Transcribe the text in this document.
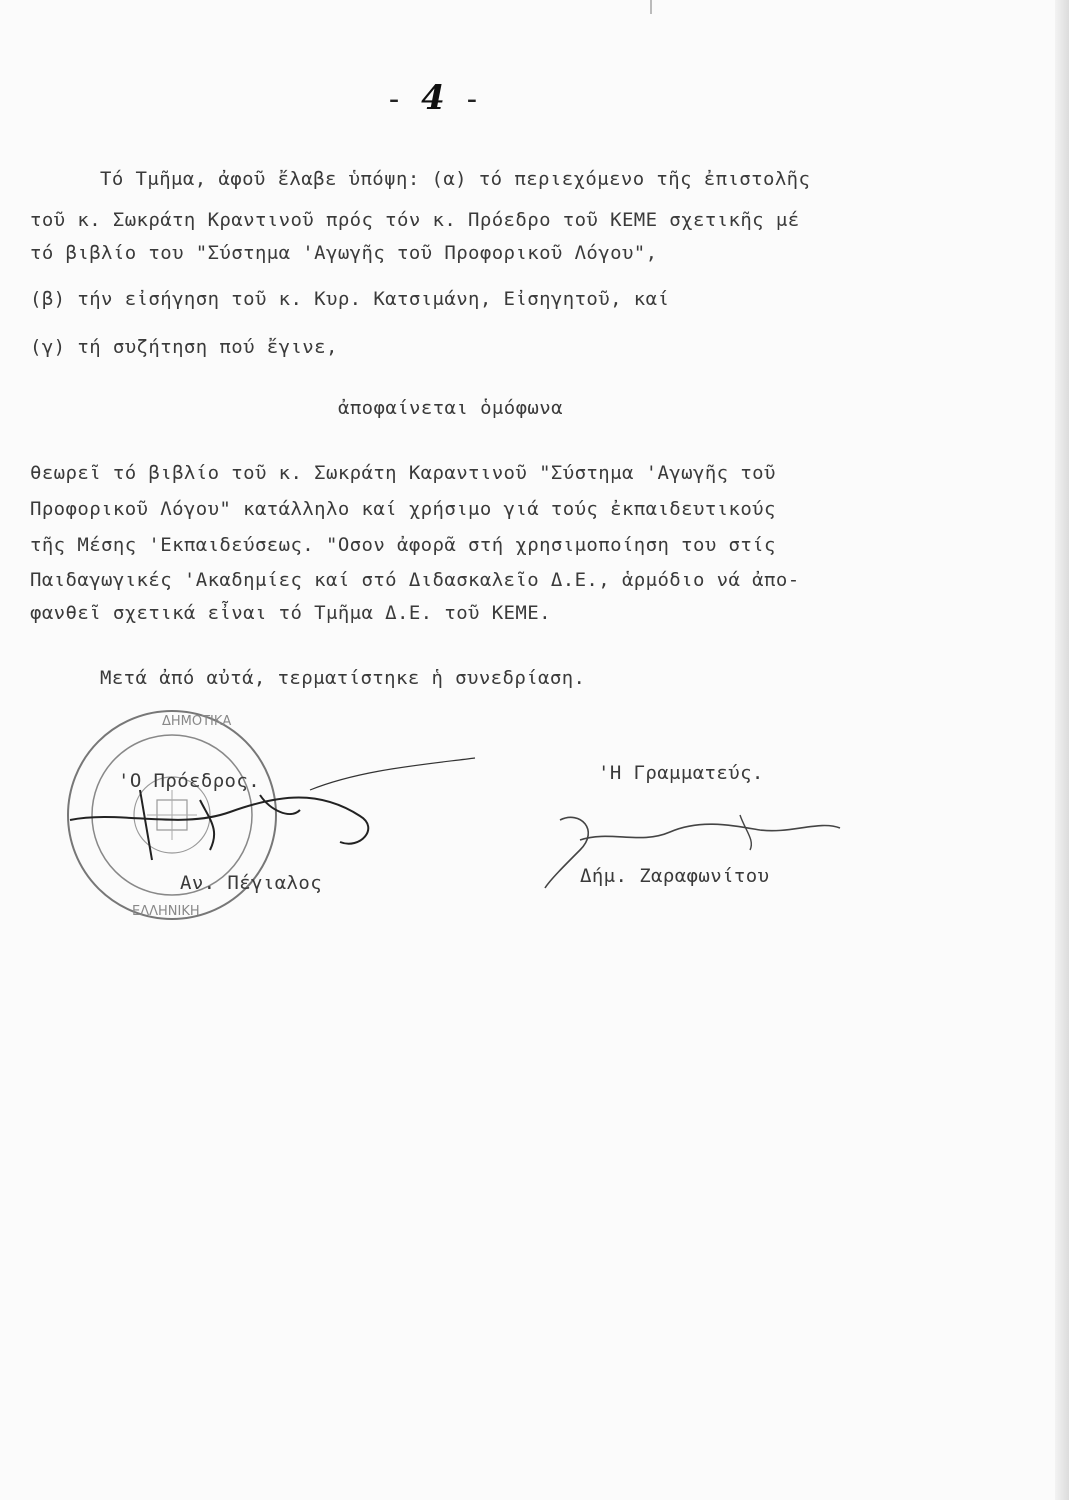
- 4 -
Τό Τμῆμα, ἀφοῦ ἔλαβε ὑπόψη: (α) τό περιεχόμενο τῆς ἐπιστολῆς
τοῦ κ. Σωκράτη Κραντινοῦ πρός τόν κ. Πρόεδρο τοῦ ΚΕΜΕ σχετικῆς μέ
τό βιβλίο του "Σύστημα 'Αγωγῆς τοῦ Προφορικοῦ Λόγου",
(β) τήν εἰσήγηση τοῦ κ. Κυρ. Κατσιμάνη, Εἰσηγητοῦ, καί
(γ) τή συζήτηση πού ἔγινε,
ἀποφαίνεται ὁμόφωνα
θεωρεῖ τό βιβλίο τοῦ κ. Σωκράτη Καραντινοῦ "Σύστημα 'Αγωγῆς τοῦ
Προφορικοῦ Λόγου" κατάλληλο καί χρήσιμο γιά τούς ἐκπαιδευτικούς
τῆς Μέσης 'Εκπαιδεύσεως. "Οσον ἀφορᾶ στή χρησιμοποίηση του στίς
Παιδαγωγικές 'Ακαδημίες καί στό Διδασκαλεῖο Δ.Ε., ἁρμόδιο νά ἀπο-
φανθεῖ σχετικά εἶναι τό Τμῆμα Δ.Ε. τοῦ ΚΕΜΕ.
Μετά ἀπό αὐτά, τερματίστηκε ἡ συνεδρίαση.
ΔΗΜΟΤΙΚΑ
ΕΛΛΗΝΙΚΗ
'Ο Πρόεδρος.
Αν. Πέγιαλος
'Η Γραμματεύς.
Δήμ. Ζαραφωνίτου
